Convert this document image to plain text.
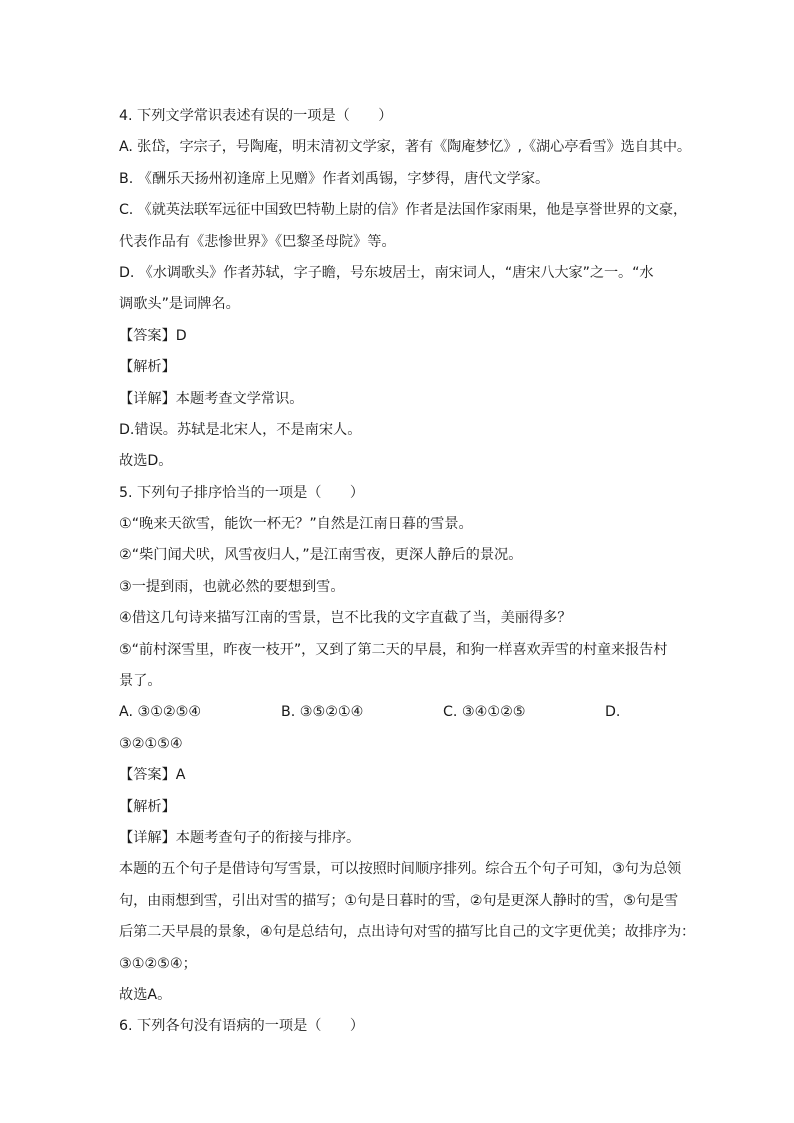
4. 下列文学常识表述有误的一项是（　　）
A. 张岱，字宗子，号陶庵，明末清初文学家，著有《陶庵梦忆》,《湖心亭看雪》选自其中。
B. 《酬乐天扬州初逢席上见赠》作者刘禹锡，字梦得，唐代文学家。
C. 《就英法联军远征中国致巴特勒上尉的信》作者是法国作家雨果，他是享誉世界的文豪，
代表作品有《悲惨世界》《巴黎圣母院》等。
D. 《水调歌头》作者苏轼，字子瞻，号东坡居士，南宋词人，“唐宋八大家”之一。“水
调歌头”是词牌名。
【答案】D
【解析】
【详解】本题考查文学常识。
D.错误。苏轼是北宋人，不是南宋人。
故选D。
5. 下列句子排序恰当的一项是（　　）
①“晚来天欲雪，能饮一杯无？”自然是江南日暮的雪景。
②“柴门闻犬吠，风雪夜归人，”是江南雪夜，更深人静后的景况。
③一提到雨，也就必然的要想到雪。
④借这几句诗来描写江南的雪景，岂不比我的文字直截了当，美丽得多？
⑤“前村深雪里，昨夜一枝开”，又到了第二天的早晨，和狗一样喜欢弄雪的村童来报告村
景了。
A. ③①②⑤④	B. ③⑤②①④	C. ③④①②⑤	D.
③②①⑤④
【答案】A
【解析】
【详解】本题考查句子的衔接与排序。
本题的五个句子是借诗句写雪景，可以按照时间顺序排列。综合五个句子可知，③句为总领
句，由雨想到雪，引出对雪的描写；①句是日暮时的雪，②句是更深人静时的雪，⑤句是雪
后第二天早晨的景象，④句是总结句，点出诗句对雪的描写比自己的文字更优美；故排序为：
③①②⑤④；
故选A。
6. 下列各句没有语病的一项是（　　）
